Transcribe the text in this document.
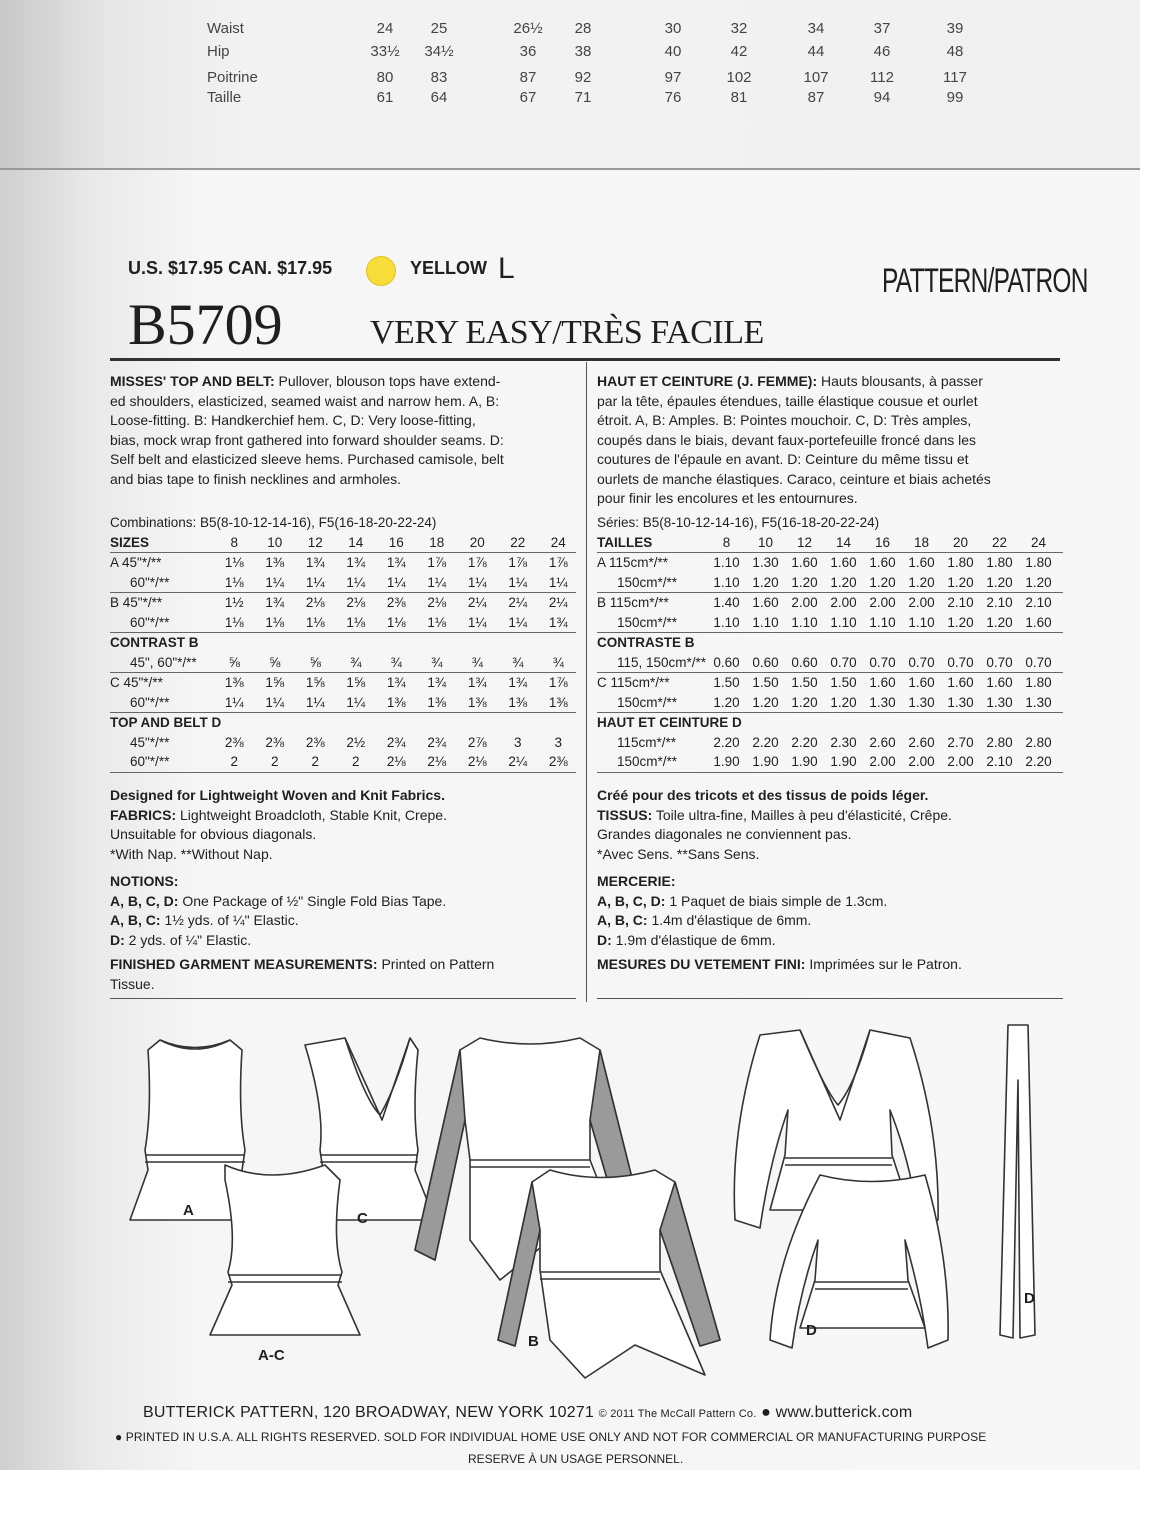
Waist	24	25	26½	28	30	32	34	37	39
Hip	33½	34½	36	38	40	42	44	46	48
Poitrine	80	83	87	92	97	102	107	112	117
Taille	61	64	67	71	76	81	87	94	99
U.S. $17.95 CAN. $17.95	YELLOW L	PATTERN/PATRON
B5709	VERY EASY/TRÈS FACILE
MISSES' TOP AND BELT: Pullover, blouson tops have extend-
ed shoulders, elasticized, seamed waist and narrow hem. A, B:
Loose-fitting. B: Handkerchief hem. C, D: Very loose-fitting,
bias, mock wrap front gathered into forward shoulder seams. D:
Self belt and elasticized sleeve hems. Purchased camisole, belt
and bias tape to finish necklines and armholes.
HAUT ET CEINTURE (J. FEMME): Hauts blousants, à passer
par la tête, épaules étendues, taille élastique cousue et ourlet
étroit. A, B: Amples. B: Pointes mouchoir. C, D: Très amples,
coupés dans le biais, devant faux-portefeuille froncé dans les
coutures de l'épaule en avant. D: Ceinture du même tissu et
ourlets de manche élastiques. Caraco, ceinture et biais achetés
pour finir les encolures et les entournures.
Combinations: B5(8-10-12-14-16), F5(16-18-20-22-24)
SIZES	8	10	12	14	16	18	20	22	24
A 45"*/**	1⅛	1⅜	1¾	1¾	1¾	1⅞	1⅞	1⅞	1⅞
60"*/**	1⅛	1¼	1¼	1¼	1¼	1¼	1¼	1¼	1¼
B 45"*/**	1½	1¾	2⅛	2⅛	2⅜	2⅛	2¼	2¼	2¼
60"*/**	1⅛	1⅛	1⅛	1⅛	1⅛	1⅛	1¼	1¼	1¾
CONTRAST B
45", 60"*/**	⅝	⅝	⅝	¾	¾	¾	¾	¾	¾
C 45"*/**	1⅜	1⅝	1⅝	1⅝	1¾	1¾	1¾	1¾	1⅞
60"*/**	1¼	1¼	1¼	1¼	1⅜	1⅜	1⅜	1⅜	1⅜
TOP AND BELT D
45"*/**	2⅜	2⅜	2⅜	2½	2¾	2¾	2⅞	3	3
60"*/**	2	2	2	2	2⅛	2⅛	2⅛	2¼	2⅜
Séries: B5(8-10-12-14-16), F5(16-18-20-22-24)
TAILLES	8	10	12	14	16	18	20	22	24
A 115cm*/**	1.10 1.30 1.60 1.60 1.60 1.60 1.80 1.80 1.80
150cm*/**	1.10 1.20 1.20 1.20 1.20 1.20 1.20 1.20 1.20
B 115cm*/**	1.40 1.60 2.00 2.00 2.00 2.00 2.10 2.10 2.10
150cm*/**	1.10 1.10 1.10 1.10 1.10 1.10 1.20 1.20 1.60
CONTRASTE B
115, 150cm*/** 0.60 0.60 0.60 0.70 0.70 0.70 0.70 0.70 0.70
C 115cm*/**	1.50 1.50 1.50 1.50 1.60 1.60 1.60 1.60 1.80
150cm*/**	1.20 1.20 1.20 1.20 1.30 1.30 1.30 1.30 1.30
HAUT ET CEINTURE D
115cm*/**	2.20 2.20 2.20 2.30 2.60 2.60 2.70 2.80 2.80
150cm*/**	1.90 1.90 1.90 1.90 2.00 2.00 2.00 2.10 2.20
Designed for Lightweight Woven and Knit Fabrics.
FABRICS: Lightweight Broadcloth, Stable Knit, Crepe.
Unsuitable for obvious diagonals.
*With Nap. **Without Nap.
NOTIONS:
A, B, C, D: One Package of ½" Single Fold Bias Tape.
A, B, C: 1½ yds. of ¼" Elastic.
D: 2 yds. of ¼" Elastic.
FINISHED GARMENT MEASUREMENTS: Printed on Pattern
Tissue.
Créé pour des tricots et des tissus de poids léger.
TISSUS: Toile ultra-fine, Mailles à peu d'élasticité, Crêpe.
Grandes diagonales ne conviennent pas.
*Avec Sens. **Sans Sens.
MERCERIE:
A, B, C, D: 1 Paquet de biais simple de 1.3cm.
A, B, C: 1.4m d'élastique de 6mm.
D: 1.9m d'élastique de 6mm.
MESURES DU VETEMENT FINI: Imprimées sur le Patron.
A	C
A-C
B
D
D
BUTTERICK PATTERN, 120 BROADWAY, NEW YORK 10271 © 2011 The McCall Pattern Co. ● www.butterick.com
● PRINTED IN U.S.A. ALL RIGHTS RESERVED. SOLD FOR INDIVIDUAL HOME USE ONLY AND NOT FOR COMMERCIAL OR MANUFACTURING PURPOSE
RESERVE À UN USAGE PERSONNEL.
